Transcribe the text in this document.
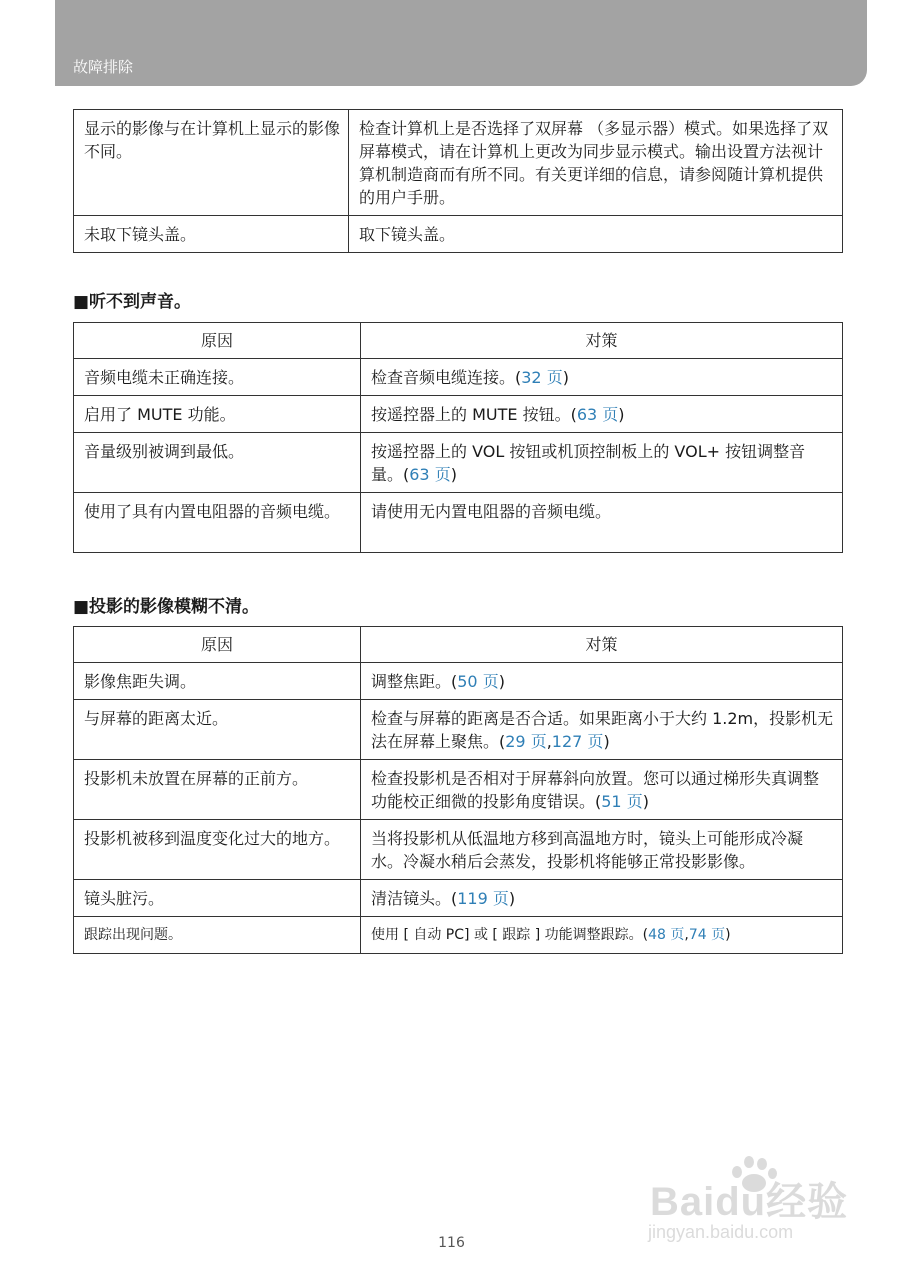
故障排除
显示的影像与在计算机上显示的影像不同。	检查计算机上是否选择了双屏幕 （多显示器）模式。如果选择了双屏幕模式，请在计算机上更改为同步显示模式。输出设置方法视计算机制造商而有所不同。有关更详细的信息，请参阅随计算机提供的用户手册。
未取下镜头盖。	取下镜头盖。
■听不到声音。
原因	对策
音频电缆未正确连接。	检查音频电缆连接。(32 页)
启用了 MUTE 功能。	按遥控器上的 MUTE 按钮。(63 页)
音量级别被调到最低。	按遥控器上的 VOL 按钮或机顶控制板上的 VOL+ 按钮调整音量。(63 页)
使用了具有内置电阻器的音频电缆。	请使用无内置电阻器的音频电缆。
■投影的影像模糊不清。
原因	对策
影像焦距失调。	调整焦距。(50 页)
与屏幕的距离太近。	检查与屏幕的距离是否合适。如果距离小于大约 1.2m，投影机无法在屏幕上聚焦。(29 页,127 页)
投影机未放置在屏幕的正前方。	检查投影机是否相对于屏幕斜向放置。您可以通过梯形失真调整功能校正细微的投影角度错误。(51 页)
投影机被移到温度变化过大的地方。	当将投影机从低温地方移到高温地方时，镜头上可能形成冷凝水。冷凝水稍后会蒸发，投影机将能够正常投影影像。
镜头脏污。	清洁镜头。(119 页)
跟踪出现问题。	使用 [ 自动 PC] 或 [ 跟踪 ] 功能调整跟踪。(48 页,74 页)
Baidu经验
jingyan.baidu.com
116
